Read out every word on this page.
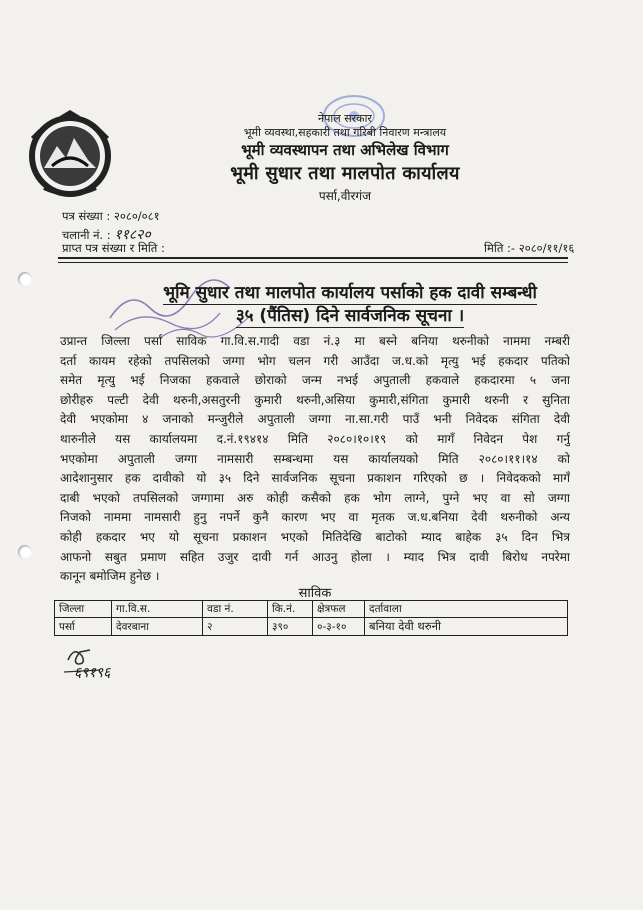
नेपाल सरकार
भूमी व्यवस्था,सहकारी तथा गरिबी निवारण मन्त्रालय
भूमी व्यवस्थापन तथा अभिलेख विभाग
भूमी सुधार तथा मालपोत कार्यालय
पर्सा,वीरगंज
पत्र संख्या : २०८०/०८१
चलानी नं. : ११८२०
प्राप्त पत्र संख्या र मिति :	मिति :- २०८०/११/१६
भूमि सुधार तथा मालपोत कार्यालय पर्साको हक दावी सम्बन्धी
३५ (पैंतिस) दिने सार्वजनिक सूचना ।
उप्रान्त जिल्ला पर्सा साविक गा.वि.स.गादी वडा नं.३ मा बस्ने बनिया थरुनीको नाममा नम्बरी
दर्ता कायम रहेको तपसिलको जग्गा भोग चलन गरी आउँदा ज.ध.को मृत्यु भई हकदार पतिको
समेत मृत्यु भई निजका हकवाले छोराको जन्म नभई अपुताली हकवाले हकदारमा ५ जना
छोरीहरु पल्टी देवी थरुनी,असतुरनी कुमारी थरुनी,असिया कुमारी,संगिता कुमारी थरुनी र सुनिता
देवी भएकोमा ४ जनाको मन्जुरीले अपुताली जग्गा ना.सा.गरी पाउँ भनी निवेदक संगिता देवी
थारुनीले यस कार्यालयमा द.नं.१९४१४ मिति २०८०।१०।१९ को मागँ निवेदन पेश गर्नु
भएकोमा अपुताली जग्गा नामसारी सम्बन्धमा यस कार्यालयको मिति २०८०।११।१४ को
आदेशानुसार हक दावीको यो ३५ दिने सार्वजनिक सूचना प्रकाशन गरिएको छ । निवेदकको मागँ
दाबी भएको तपसिलको जग्गामा अरु कोही कसैको हक भोग लाग्ने, पुग्ने भए वा सो जग्गा
निजको नाममा नामसारी हुनु नपर्ने कुनै कारण भए वा मृतक ज.ध.बनिया देवी थरुनीको अन्य
कोही हकदार भए यो सूचना प्रकाशन भएको मितिदेखि बाटोको म्याद बाहेक ३५ दिन भित्र
आफनो सबुत प्रमाण सहित उजुर दावी गर्न आउनु होला । म्याद भित्र दावी बिरोध नपरेमा
कानून बमोजिम हुनेछ ।
साविक
जिल्ला	गा.वि.स.	वडा नं.	कि.नं.	क्षेत्रफल	दर्तावाला
पर्सा	देवरबाना	२	३९०	०-३-१०	बनिया देवी थरुनी
६९१९६
